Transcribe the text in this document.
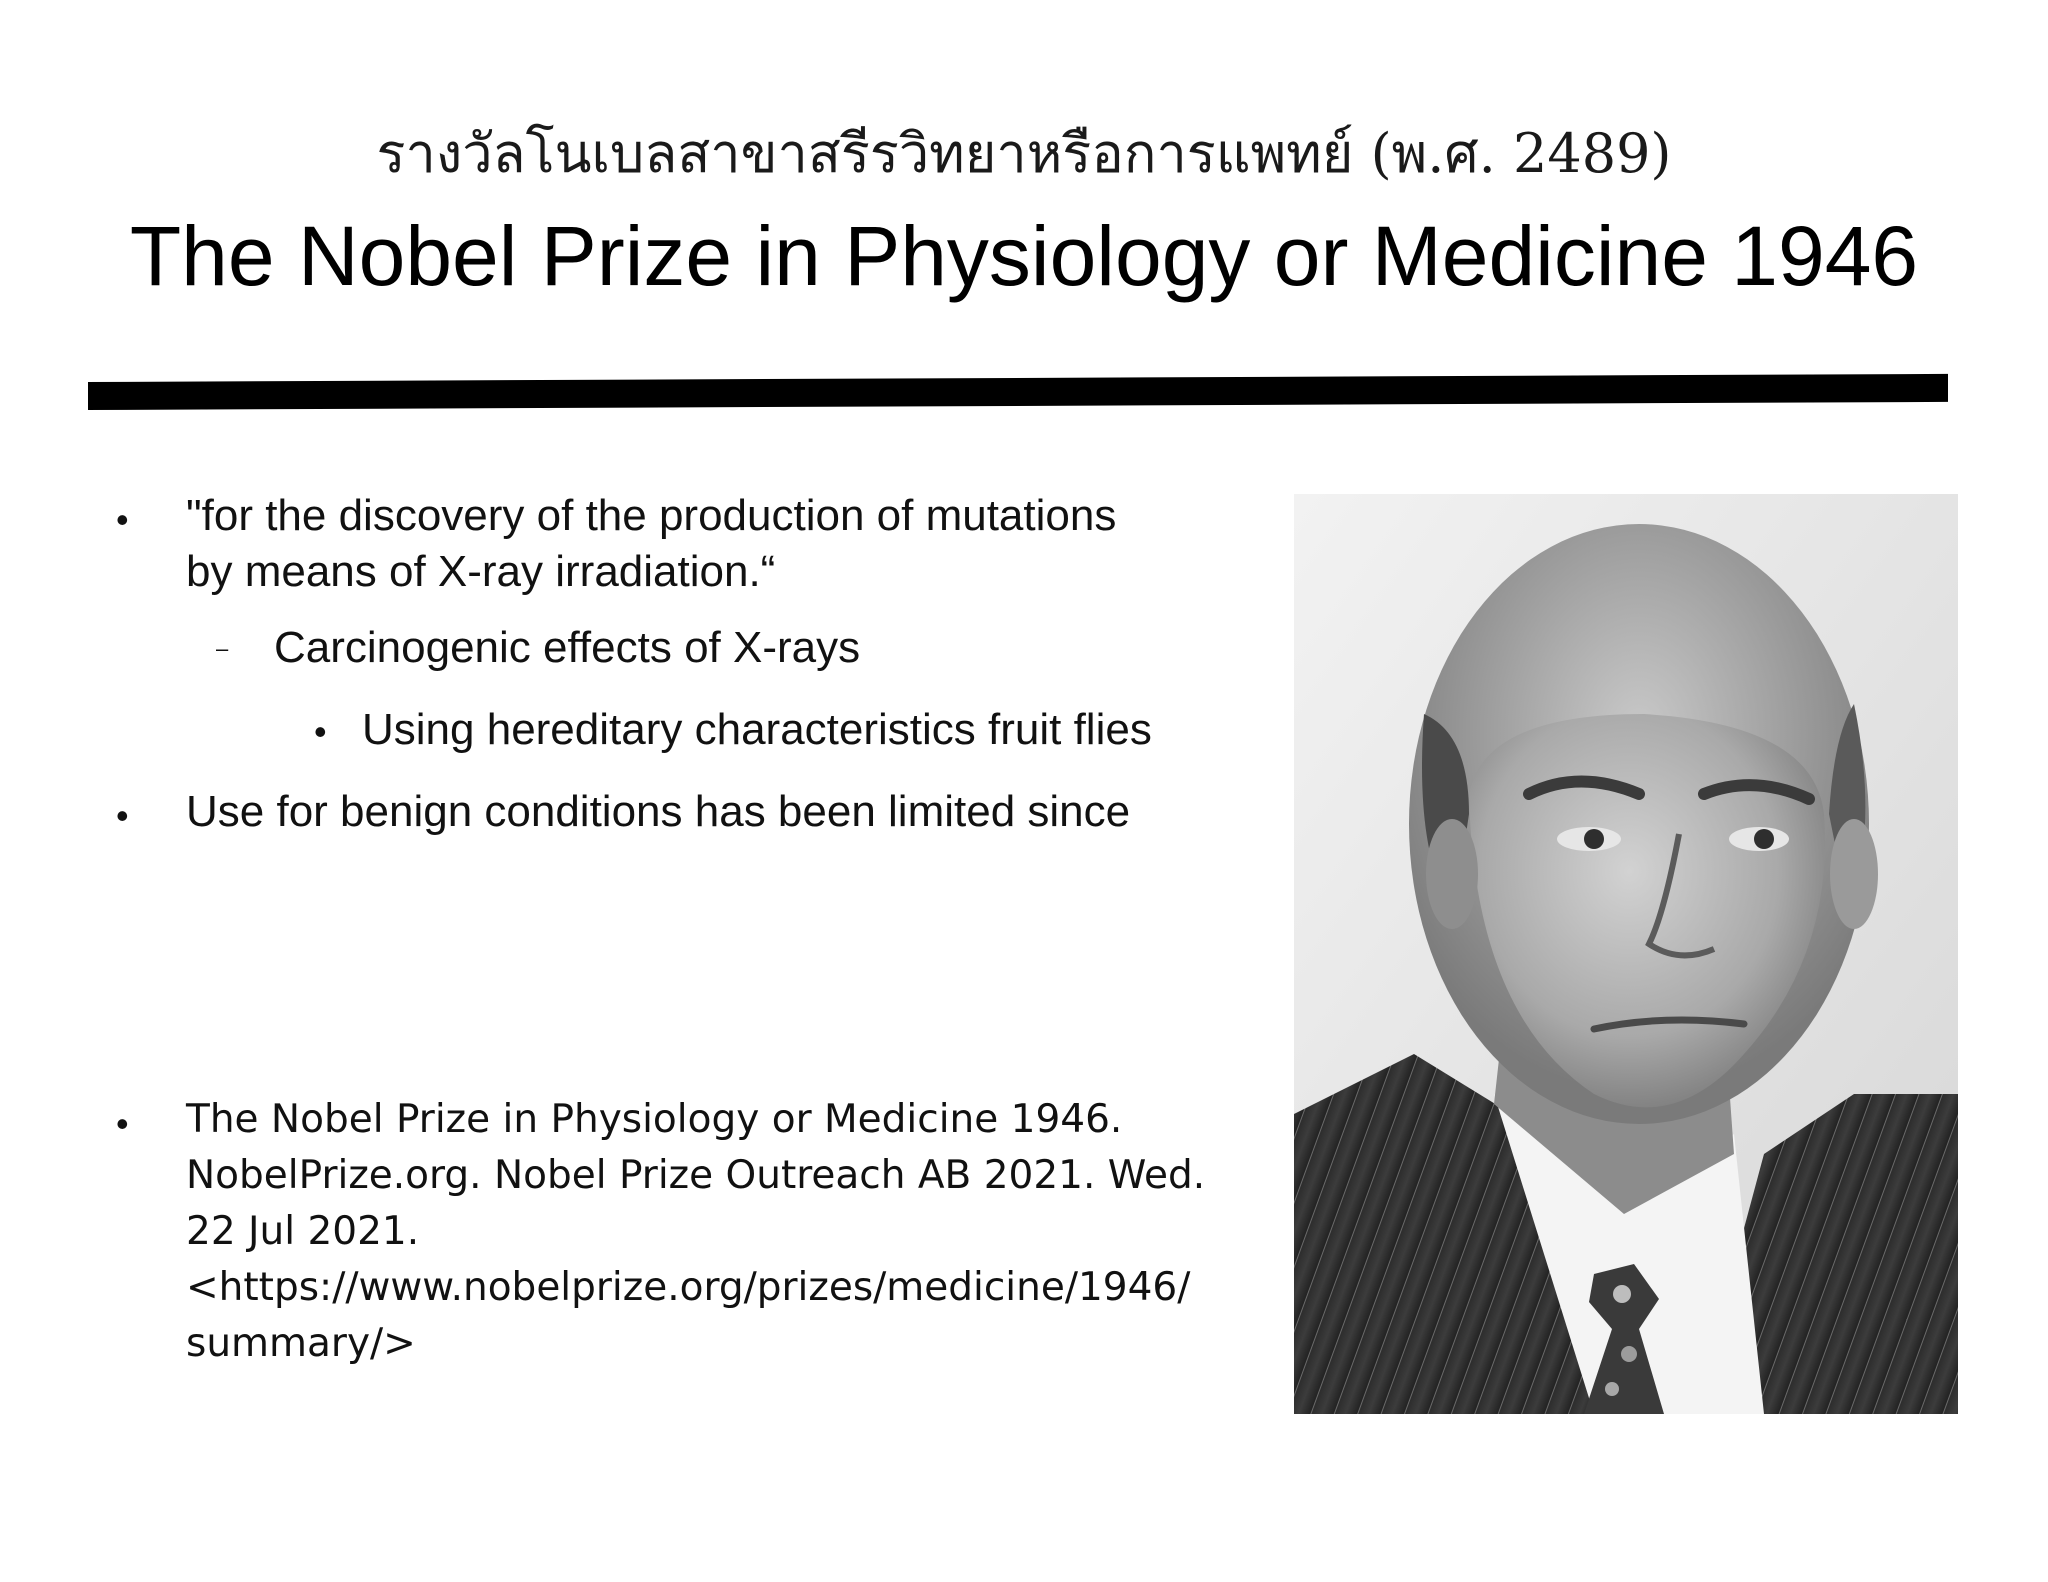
รางวัลโนเบลสาขาสรีรวิทยาหรือการแพทย์ (พ.ศ. 2489)
The Nobel Prize in Physiology or Medicine 1946
• "for the discovery of the production of mutations
by means of X-ray irradiation.“
– Carcinogenic effects of X-rays
• Using hereditary characteristics fruit flies
• Use for benign conditions has been limited since
• The Nobel Prize in Physiology or Medicine 1946.
NobelPrize.org. Nobel Prize Outreach AB 2021. Wed.
22 Jul 2021.
<https://www.nobelprize.org/prizes/medicine/1946/
summary/>
